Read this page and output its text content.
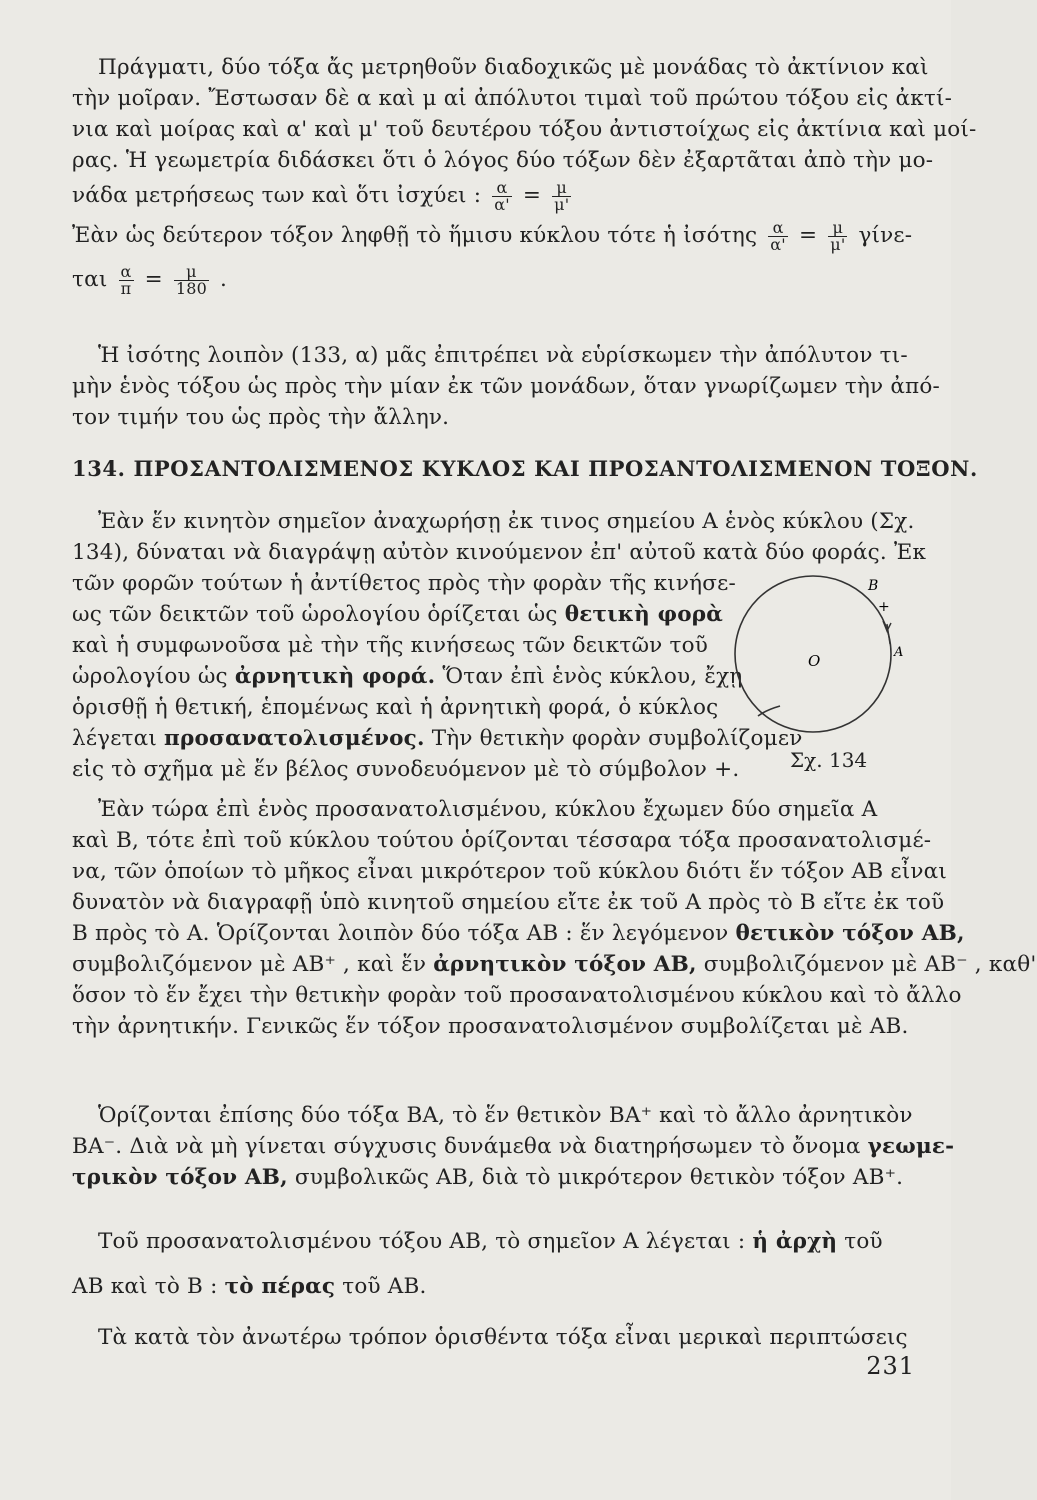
Πράγματι, δύο τόξα ἄς μετρηθοῦν διαδοχικῶς μὲ μονάδας τὸ ἀκτίνιον καὶ
τὴν μοῖραν. Ἔστωσαν δὲ α καὶ μ αἱ ἀπόλυτοι τιμαὶ τοῦ πρώτου τόξου εἰς ἀκτί-
νια καὶ μοίρας καὶ α' καὶ μ' τοῦ δευτέρου τόξου ἀντιστοίχως εἰς ἀκτίνια καὶ μοί-
ρας. Ἡ γεωμετρία διδάσκει ὅτι ὁ λόγος δύο τόξων δὲν ἐξαρτᾶται ἀπὸ τὴν μο-
νάδα μετρήσεως των καὶ ὅτι ἰσχύει : $\frac{\alpha}{\alpha'} = \frac{\mu}{\mu'}$
Ἐὰν ὡς δεύτερον τόξον ληφθῇ τὸ ἥμισυ κύκλου τότε ἡ ἰσότης $\frac{\alpha}{\alpha'} = \frac{\mu}{\mu'} \gamma ί\nu\varepsilon-$
ται $\frac{\alpha}{\pi} = \frac{\mu}{180}$ .
Ἡ ἰσότης λοιπὸν (133, α) μᾶς ἐπιτρέπει νὰ εὑρίσκωμεν τὴν ἀπόλυτον τι-
μὴν ἑνὸς τόξου ὡς πρὸς τὴν μίαν ἐκ τῶν μονάδων, ὅταν γνωρίζωμεν τὴν ἀπό-
τον τιμήν του ὡς πρὸς τὴν ἄλλην.
134. ΠΡΟΣΑΝΤΟΛΙΣΜΕΝΟΣ ΚΥΚΛΟΣ ΚΑΙ ΠΡΟΣΑΝΤΟΛΙΣΜΕΝΟΝ ΤΟΞΟΝ.
Ἐὰν ἕν κινητὸν σημεῖον ἀναχωρήσῃ ἐκ τινος σημείου Α ἑνὸς κύκλου (Σχ.
134), δύναται νὰ διαγράψῃ αὐτὸν κινούμενον ἐπ' αὐτοῦ κατὰ δύο φοράς. Ἐκ
τῶν φορῶν τούτων ἡ ἀντίθετος πρὸς τὴν φορὰν τῆς κινήσε-
ως τῶν δεικτῶν τοῦ ὡρολογίου ὁρίζεται ὡς θετικὴ φορὰ
καὶ ἡ συμφωνοῦσα μὲ τὴν τῆς κινήσεως τῶν δεικτῶν τοῦ
ὡρολογίου ὡς ἀρνητικὴ φορά. Ὅταν ἐπὶ ἑνὸς κύκλου, ἔχῃ
ὁρισθῇ ἡ θετική, ἑπομένως καὶ ἡ ἀρνητικὴ φορά, ὁ κύκλος
λέγεται προσανατολισμένος. Τὴν θετικὴν φορὰν συμβολίζομεν
εἰς τὸ σχῆμα μὲ ἕν βέλος συνοδευόμενον μὲ τὸ σύμβολον +.
B
+
A
O
Σχ. 134
Ἐὰν τώρα ἐπὶ ἑνὸς προσανατολισμένου, κύκλου ἔχωμεν δύο σημεῖα Α
καὶ Β, τότε ἐπὶ τοῦ κύκλου τούτου ὁρίζονται τέσσαρα τόξα προσανατολισμέ-
να, τῶν ὁποίων τὸ μῆκος εἶναι μικρότερον τοῦ κύκλου διότι ἕν τόξον ΑΒ εἶναι
δυνατὸν νὰ διαγραφῇ ὑπὸ κινητοῦ σημείου εἴτε ἐκ τοῦ Α πρὸς τὸ Β εἴτε ἐκ τοῦ
Β πρὸς τὸ Α. Ὁρίζονται λοιπὸν δύο τόξα ΑΒ : ἕν λεγόμενον θετικὸν τόξον ΑΒ,
συμβολιζόμενον μὲ ΑΒ⁺ , καὶ ἕν ἀρνητικὸν τόξον ΑΒ, συμβολιζόμενον μὲ ΑΒ⁻ , καθ'
ὅσον τὸ ἕν ἔχει τὴν θετικὴν φορὰν τοῦ προσανατολισμένου κύκλου καὶ τὸ ἄλλο
τὴν ἀρνητικήν. Γενικῶς ἕν τόξον προσανατολισμένον συμβολίζεται μὲ ΑΒ.
Ὁρίζονται ἐπίσης δύο τόξα ΒΑ, τὸ ἕν θετικὸν ΒΑ⁺ καὶ τὸ ἄλλο ἀρνητικὸν
ΒΑ⁻. Διὰ νὰ μὴ γίνεται σύγχυσις δυνάμεθα νὰ διατηρήσωμεν τὸ ὄνομα γεωμε-
τρικὸν τόξον ΑΒ, συμβολικῶς ΑΒ, διὰ τὸ μικρότερον θετικὸν τόξον ΑΒ⁺.
Τοῦ προσανατολισμένου τόξου ΑΒ, τὸ σημεῖον Α λέγεται : ἡ ἀρχὴ τοῦ
ΑΒ καὶ τὸ Β : τὸ πέρας τοῦ ΑΒ.
Τὰ κατὰ τὸν ἀνωτέρω τρόπον ὁρισθέντα τόξα εἶναι μερικαὶ περιπτώσεις
231
